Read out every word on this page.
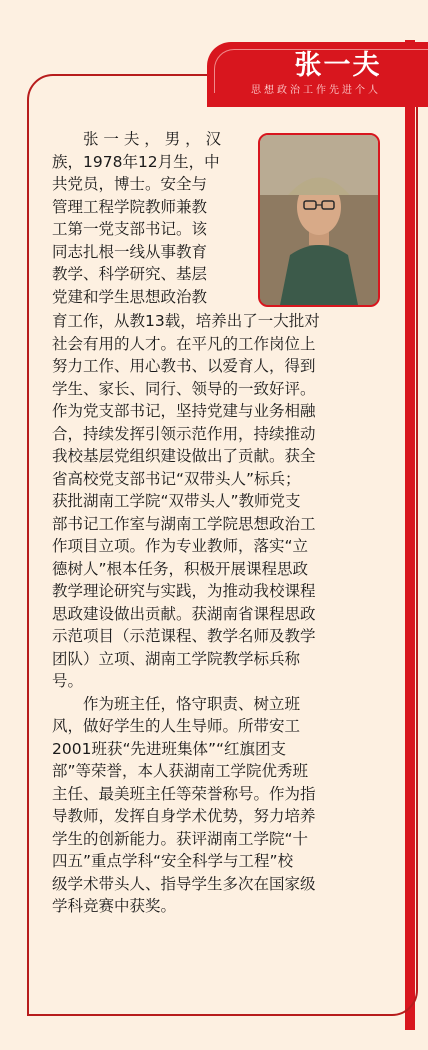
张一夫
思想政治工作先进个人

　　张 一 夫 ， 男 ， 汉

族，1978年12月生，中

共党员，博士。安全与

管理工程学院教师兼教

工第一党支部书记。该

同志扎根一线从事教育

教学、科学研究、基层

党建和学生思想政治教

育工作，从教13载，培养出了一大批对

社会有用的人才。在平凡的工作岗位上

努力工作、用心教书、以爱育人，得到

学生、家长、同行、领导的一致好评。

作为党支部书记，坚持党建与业务相融

合，持续发挥引领示范作用，持续推动

我校基层党组织建设做出了贡献。获全

省高校党支部书记“双带头人”标兵；

获批湖南工学院“双带头人”教师党支

部书记工作室与湖南工学院思想政治工

作项目立项。作为专业教师，落实“立

德树人”根本任务，积极开展课程思政

教学理论研究与实践，为推动我校课程

思政建设做出贡献。获湖南省课程思政

示范项目（示范课程、教学名师及教学

团队）立项、湖南工学院教学标兵称

号。

　　作为班主任，恪守职责、树立班

风，做好学生的人生导师。所带安工

2001班获“先进班集体”“红旗团支

部”等荣誉，本人获湖南工学院优秀班

主任、最美班主任等荣誉称号。作为指

导教师，发挥自身学术优势，努力培养

学生的创新能力。获评湖南工学院“十

四五”重点学科“安全科学与工程”校

级学术带头人、指导学生多次在国家级

学科竞赛中获奖。
